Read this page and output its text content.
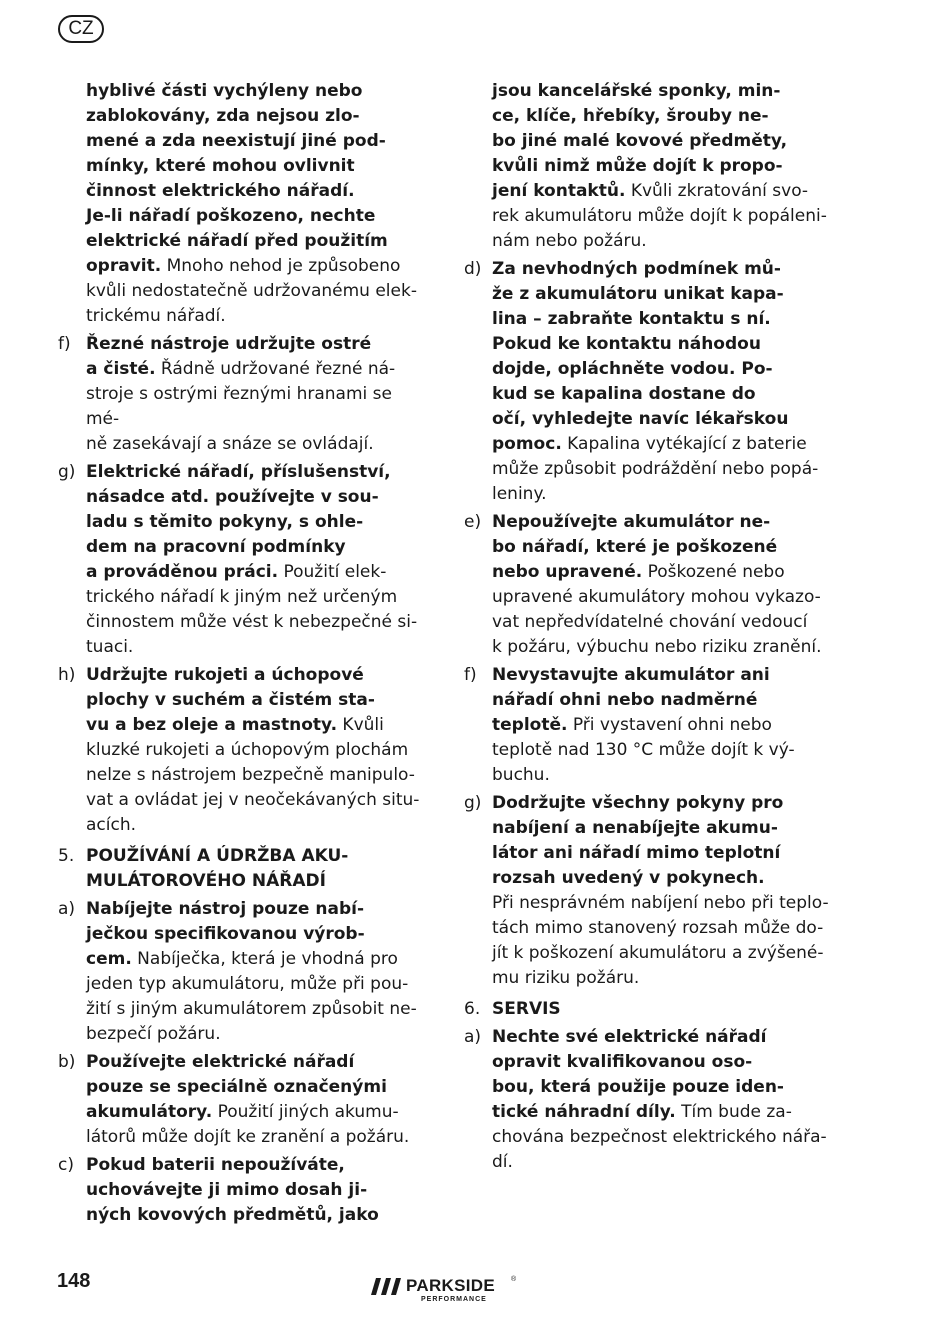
CZ

hyblivé části vychýleny nebo
zablokovány, zda nejsou zlo-
mené a zda neexistují jiné pod-
mínky, které mohou ovlivnit
činnost elektrického nářadí.
Je-li nářadí poškozeno, nechte
elektrické nářadí před použitím
opravit. Mnoho nehod je způsobeno
kvůli nedostatečně udržovanému elek-
trickému nářadí.

f) Řezné nástroje udržujte ostré
a čisté. Řádně udržované řezné ná-
stroje s ostrými řeznými hranami se mé-
ně zasekávají a snáze se ovládají.
g) Elektrické nářadí, příslušenství,
násadce atd. používejte v sou-
ladu s těmito pokyny, s ohle-
dem na pracovní podmínky
a prováděnou práci. Použití elek-
trického nářadí k jiným než určeným
činnostem může vést k nebezpečné si-
tuaci.
h) Udržujte rukojeti a úchopové
plochy v suchém a čistém sta-
vu a bez oleje a mastnoty. Kvůli
kluzké rukojeti a úchopovým plochám
nelze s nástrojem bezpečně manipulo-
vat a ovládat jej v neočekávaných situ-
acích.
5. POUŽÍVÁNÍ A ÚDRŽBA AKU-
MULÁTOROVÉHO NÁŘADÍ
a) Nabíjejte nástroj pouze nabí-
ječkou specifikovanou výrob-
cem. Nabíječka, která je vhodná pro
jeden typ akumulátoru, může při pou-
žití s jiným akumulátorem způsobit ne-
bezpečí požáru.
b) Používejte elektrické nářadí
pouze se speciálně označenými
akumulátory. Použití jiných akumu-
látorů může dojít ke zranění a požáru.
c) Pokud baterii nepoužíváte,
uchovávejte ji mimo dosah ji-
ných kovových předmětů, jako

jsou kancelářské sponky, min-
ce, klíče, hřebíky, šrouby ne-
bo jiné malé kovové předměty,
kvůli nimž může dojít k propo-
jení kontaktů. Kvůli zkratování svo-
rek akumulátoru může dojít k popáleni-
nám nebo požáru.

d) Za nevhodných podmínek mů-
že z akumulátoru unikat kapa-
lina – zabraňte kontaktu s ní.
Pokud ke kontaktu náhodou
dojde, opláchněte vodou. Po-
kud se kapalina dostane do
očí, vyhledejte navíc lékařskou
pomoc. Kapalina vytékající z baterie
může způsobit podráždění nebo popá-
leniny.
e) Nepoužívejte akumulátor ne-
bo nářadí, které je poškozené
nebo upravené. Poškozené nebo
upravené akumulátory mohou vykazo-
vat nepředvídatelné chování vedoucí
k požáru, výbuchu nebo riziku zranění.
f) Nevystavujte akumulátor ani
nářadí ohni nebo nadměrné
teplotě. Při vystavení ohni nebo
teplotě nad 130 °C může dojít k vý-
buchu.
g) Dodržujte všechny pokyny pro
nabíjení a nenabíjejte akumu-
látor ani nářadí mimo teplotní
rozsah uvedený v pokynech.
Při nesprávném nabíjení nebo při teplo-
tách mimo stanovený rozsah může do-
jít k poškození akumulátoru a zvýšené-
mu riziku požáru.
6. SERVIS
a) Nechte své elektrické nářadí
opravit kvalifikovanou oso-
bou, která použije pouze iden-
tické náhradní díly. Tím bude za-
chována bezpečnost elektrického nářa-
dí.
148	PARKSIDE ®
PERFORMANCE
